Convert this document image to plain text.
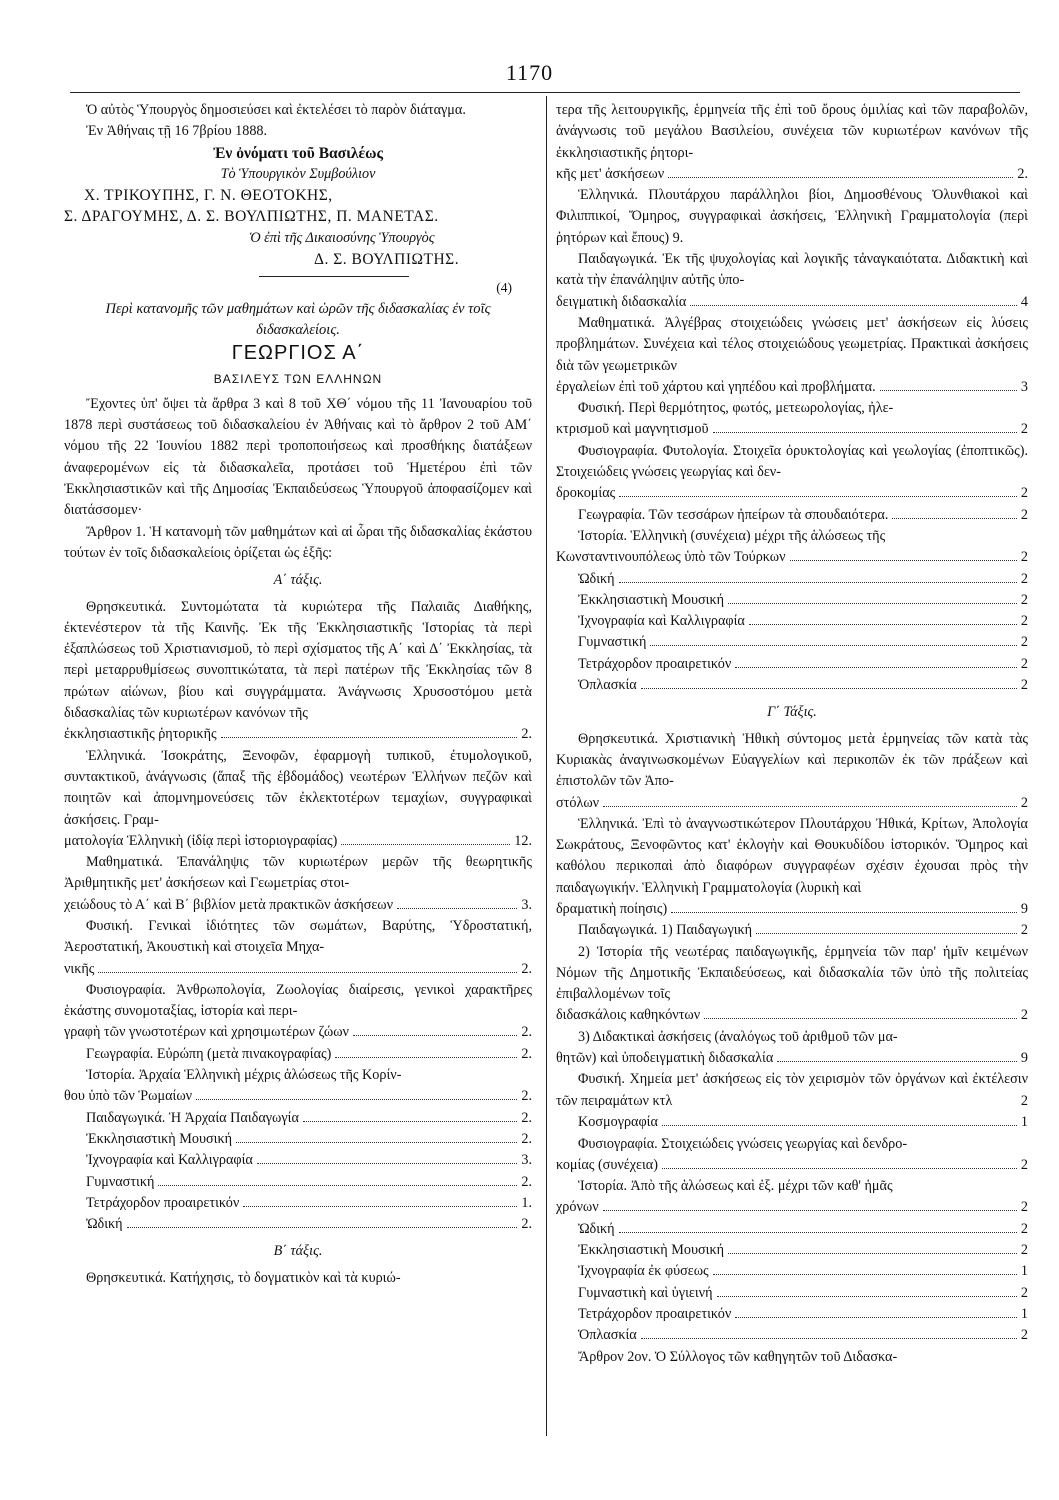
1170

Ὁ αὐτὸς Ὑπουργὸς δημοσιεύσει καὶ ἐκτελέσει τὸ παρὸν διάταγμα.

Ἐν Ἀθήναις τῇ 16 7βρίου 1888.

Ἐν ὀνόματι τοῦ Βασιλέως

Τὸ Ὑπουργικὸν Συμβούλιον

Χ. ΤΡΙΚΟΥΠΗΣ, Γ. Ν. ΘΕΟΤΟΚΗΣ,

Σ. ΔΡΑΓΟΥΜΗΣ, Δ. Σ. ΒΟΥΛΠΙΩΤΗΣ, Π. ΜΑΝΕΤΑΣ.

Ὁ ἐπὶ τῆς Δικαιοσύνης Ὑπουργὸς

Δ. Σ. ΒΟΥΛΠΙΩΤΗΣ.

(4)

Περὶ κατανομῆς τῶν μαθημάτων καὶ ὡρῶν τῆς διδασκαλίας ἐν τοῖς διδασκαλείοις.

ΓΕΩΡΓΙΟΣ Α΄

ΒΑΣΙΛΕΥΣ ΤΩΝ ΕΛΛΗΝΩΝ

Ἔχοντες ὑπ' ὄψει τὰ ἄρθρα 3 καὶ 8 τοῦ ΧΘ΄ νόμου τῆς 11 Ἰανουαρίου τοῦ 1878 περὶ συστάσεως τοῦ διδασκαλείου ἐν Ἀθήναις καὶ τὸ ἄρθρον 2 τοῦ ΑΜ΄ νόμου τῆς 22 Ἰουνίου 1882 περὶ τροποποιήσεως καὶ προσθήκης διατάξεων ἀναφερομένων εἰς τὰ διδασκαλεῖα, προτάσει τοῦ Ἡμετέρου ἐπὶ τῶν Ἐκκλησιαστικῶν καὶ τῆς Δημοσίας Ἐκπαιδεύσεως Ὑπουργοῦ ἀποφασίζομεν καὶ διατάσσομεν·

Ἄρθρον 1. Ἡ κατανομὴ τῶν μαθημάτων καὶ αἱ ὧραι τῆς διδασκαλίας ἑκάστου τούτων ἐν τοῖς διδασκαλείοις ὁρίζεται ὡς ἑξῆς:

Α΄ τάξις.

Θρησκευτικά. Συντομώτατα τὰ κυριώτερα τῆς Παλαιᾶς Διαθήκης, ἐκτενέστερον τὰ τῆς Καινῆς. Ἐκ τῆς Ἐκκλησιαστικῆς Ἱστορίας τὰ περὶ ἐξαπλώσεως τοῦ Χριστιανισμοῦ, τὸ περὶ σχίσματος τῆς Α΄ καὶ Δ΄ Ἐκκλησίας, τὰ περὶ μεταρρυθμίσεως συνοπτικώτατα, τὰ περὶ πατέρων τῆς Ἐκκλησίας τῶν 8 πρώτων αἰώνων, βίου καὶ συγγράμματα. Ἀνάγνωσις Χρυσοστόμου μετὰ διδασκαλίας τῶν κυριωτέρων κανόνων τῆς

ἐκκλησιαστικῆς ῥητορικῆς	2.

Ἑλληνικά. Ἰσοκράτης, Ξενοφῶν, ἐφαρμογὴ τυπικοῦ, ἐτυμολογικοῦ, συντακτικοῦ, ἀνάγνωσις (ἅπαξ τῆς ἑβδομάδος) νεωτέρων Ἑλλήνων πεζῶν καὶ ποιητῶν καὶ ἀπομνημονεύσεις τῶν ἐκλεκτοτέρων τεμαχίων, συγγραφικαὶ ἀσκήσεις. Γραμ-

ματολογία Ἑλληνικὴ (ἰδίᾳ περὶ ἱστοριογραφίας)	12.

Μαθηματικά. Ἐπανάληψις τῶν κυριωτέρων μερῶν τῆς θεωρητικῆς Ἀριθμητικῆς μετ' ἀσκήσεων καὶ Γεωμετρίας στοι-

χειώδους τὸ Α΄ καὶ Β΄ βιβλίον μετὰ πρακτικῶν ἀσκήσεων	3.

Φυσική. Γενικαὶ ἰδιότητες τῶν σωμάτων, Βαρύτης, Ὑδροστατική, Ἀεροστατική, Ἀκουστικὴ καὶ στοιχεῖα Μηχα-

νικῆς	2.

Φυσιογραφία. Ἀνθρωπολογία, Ζωολογίας διαίρεσις, γενικοὶ χαρακτῆρες ἑκάστης συνομοταξίας, ἱστορία καὶ περι-

γραφὴ τῶν γνωστοτέρων καὶ χρησιμωτέρων ζώων	2.
Γεωγραφία. Εὐρώπη (μετὰ πινακογραφίας)	2.

Ἱστορία. Ἀρχαία Ἑλληνικὴ μέχρις ἁλώσεως τῆς Κορίν-

θου ὑπὸ τῶν Ῥωμαίων	2.
Παιδαγωγικά. Ἡ Ἀρχαία Παιδαγωγία	2.
Ἐκκλησιαστικὴ Μουσική	2.
Ἰχνογραφία καὶ Καλλιγραφία	3.
Γυμναστική	2.
Τετράχορδον προαιρετικόν	1.
Ὠδική	2.

Β΄ τάξις.

Θρησκευτικά. Κατήχησις, τὸ δογματικὸν καὶ τὰ κυριώ-

τερα τῆς λειτουργικῆς, ἑρμηνεία τῆς ἐπὶ τοῦ ὄρους ὁμιλίας καὶ τῶν παραβολῶν, ἀνάγνωσις τοῦ μεγάλου Βασιλείου, συνέχεια τῶν κυριωτέρων κανόνων τῆς ἐκκλησιαστικῆς ῥητορι-

κῆς μετ' ἀσκήσεων	2.

Ἑλληνικά. Πλουτάρχου παράλληλοι βίοι, Δημοσθένους Ὀλυνθιακοὶ καὶ Φιλιππικοί, Ὅμηρος, συγγραφικαὶ ἀσκήσεις, Ἑλληνικὴ Γραμματολογία (περὶ ῥητόρων καὶ ἔπους) 9.

Παιδαγωγικά. Ἐκ τῆς ψυχολογίας καὶ λογικῆς τἀναγκαιότατα. Διδακτικὴ καὶ κατὰ τὴν ἐπανάληψιν αὐτῆς ὑπο-

δειγματικὴ διδασκαλία	4

Μαθηματικά. Ἀλγέβρας στοιχειώδεις γνώσεις μετ' ἀσκήσεων εἰς λύσεις προβλημάτων. Συνέχεια καὶ τέλος στοιχειώδους γεωμετρίας. Πρακτικαὶ ἀσκήσεις διὰ τῶν γεωμετρικῶν

ἐργαλείων ἐπὶ τοῦ χάρτου καὶ γηπέδου καὶ προβλήματα.	3

Φυσική. Περὶ θερμότητος, φωτός, μετεωρολογίας, ἠλε-

κτρισμοῦ καὶ μαγνητισμοῦ	2

Φυσιογραφία. Φυτολογία. Στοιχεῖα ὀρυκτολογίας καὶ γεωλογίας (ἐποπτικῶς). Στοιχειώδεις γνώσεις γεωργίας καὶ δεν-

δροκομίας	2
Γεωγραφία. Τῶν τεσσάρων ἠπείρων τὰ σπουδαιότερα.	2

Ἱστορία. Ἑλληνικὴ (συνέχεια) μέχρι τῆς ἁλώσεως τῆς

Κωνσταντινουπόλεως ὑπὸ τῶν Τούρκων	2
Ὠδική	2
Ἐκκλησιαστικὴ Μουσική	2
Ἰχνογραφία καὶ Καλλιγραφία	2
Γυμναστική	2
Τετράχορδον προαιρετικόν	2
Ὁπλασκία	2

Γ΄ Τάξις.

Θρησκευτικά. Χριστιανικὴ Ἠθικὴ σύντομος μετὰ ἑρμηνείας τῶν κατὰ τὰς Κυριακὰς ἀναγινωσκομένων Εὐαγγελίων καὶ περικοπῶν ἐκ τῶν πράξεων καὶ ἐπιστολῶν τῶν Ἀπο-

στόλων	2

Ἑλληνικά. Ἐπὶ τὸ ἀναγνωστικώτερον Πλουτάρχου Ἠθικά, Κρίτων, Ἀπολογία Σωκράτους, Ξενοφῶντος κατ' ἐκλογὴν καὶ Θουκυδίδου ἱστορικόν. Ὅμηρος καὶ καθόλου περικοπαὶ ἀπὸ διαφόρων συγγραφέων σχέσιν ἐχουσαι πρὸς τὴν παιδαγωγικήν. Ἑλληνικὴ Γραμματολογία (λυρικὴ καὶ

δραματικὴ ποίησις)	9
Παιδαγωγικά. 1) Παιδαγωγική	2

2) Ἱστορία τῆς νεωτέρας παιδαγωγικῆς, ἑρμηνεία τῶν παρ' ἡμῖν κειμένων Νόμων τῆς Δημοτικῆς Ἐκπαιδεύσεως, καὶ διδασκαλία τῶν ὑπὸ τῆς πολιτείας ἐπιβαλλομένων τοῖς

διδασκάλοις καθηκόντων	2

3) Διδακτικαὶ ἀσκήσεις (ἀναλόγως τοῦ ἀριθμοῦ τῶν μα-

θητῶν) καὶ ὑποδειγματικὴ διδασκαλία	9

Φυσική. Χημεία μετ' ἀσκήσεως εἰς τὸν χειρισμὸν τῶν ὀργάνων καὶ ἐκτέλεσιν τῶν πειραμάτων κτλ	2

Κοσμογραφία	1

Φυσιογραφία. Στοιχειώδεις γνώσεις γεωργίας καὶ δενδρο-

κομίας (συνέχεια)	2

Ἱστορία. Ἀπὸ τῆς ἁλώσεως καὶ ἐξ. μέχρι τῶν καθ' ἡμᾶς

χρόνων	2
Ὠδική	2
Ἐκκλησιαστικὴ Μουσική	2
Ἰχνογραφία ἐκ φύσεως	1
Γυμναστικὴ καὶ ὑγιεινή	2
Τετράχορδον προαιρετικόν	1
Ὁπλασκία	2

Ἄρθρον 2ον. Ὁ Σύλλογος τῶν καθηγητῶν τοῦ Διδασκα-
